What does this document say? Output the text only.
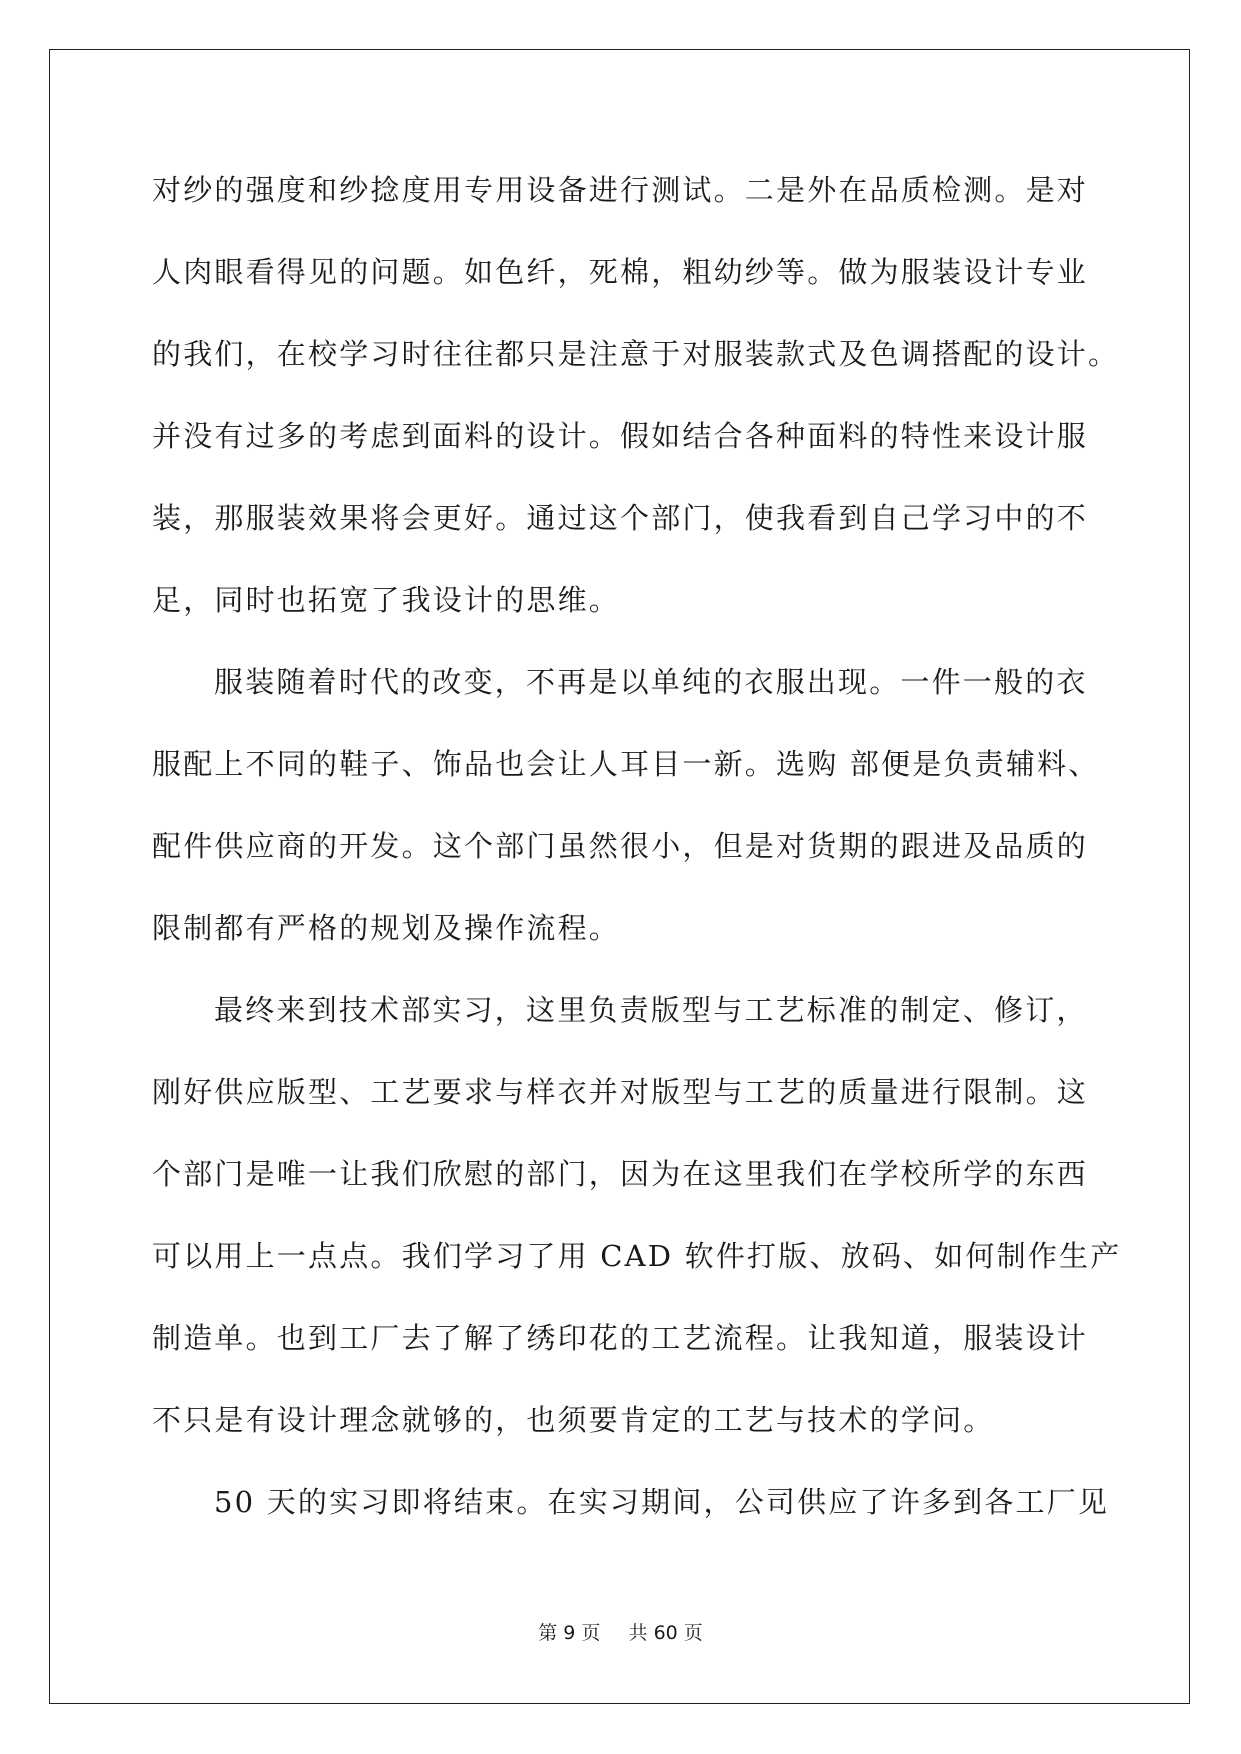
对纱的强度和纱捻度用专用设备进行测试。二是外在品质检测。是对
人肉眼看得见的问题。如色纤，死棉，粗幼纱等。做为服装设计专业
的我们，在校学习时往往都只是注意于对服装款式及色调搭配的设计。
并没有过多的考虑到面料的设计。假如结合各种面料的特性来设计服
装，那服装效果将会更好。通过这个部门，使我看到自己学习中的不
足，同时也拓宽了我设计的思维。
服装随着时代的改变，不再是以单纯的衣服出现。一件一般的衣
服配上不同的鞋子、饰品也会让人耳目一新。选购 部便是负责辅料、
配件供应商的开发。这个部门虽然很小，但是对货期的跟进及品质的
限制都有严格的规划及操作流程。
最终来到技术部实习，这里负责版型与工艺标准的制定、修订，
刚好供应版型、工艺要求与样衣并对版型与工艺的质量进行限制。这
个部门是唯一让我们欣慰的部门，因为在这里我们在学校所学的东西
可以用上一点点。我们学习了用 CAD 软件打版、放码、如何制作生产
制造单。也到工厂去了解了绣印花的工艺流程。让我知道，服装设计
不只是有设计理念就够的，也须要肯定的工艺与技术的学问。
50 天的实习即将结束。在实习期间，公司供应了许多到各工厂见
第 9 页 共 60 页
